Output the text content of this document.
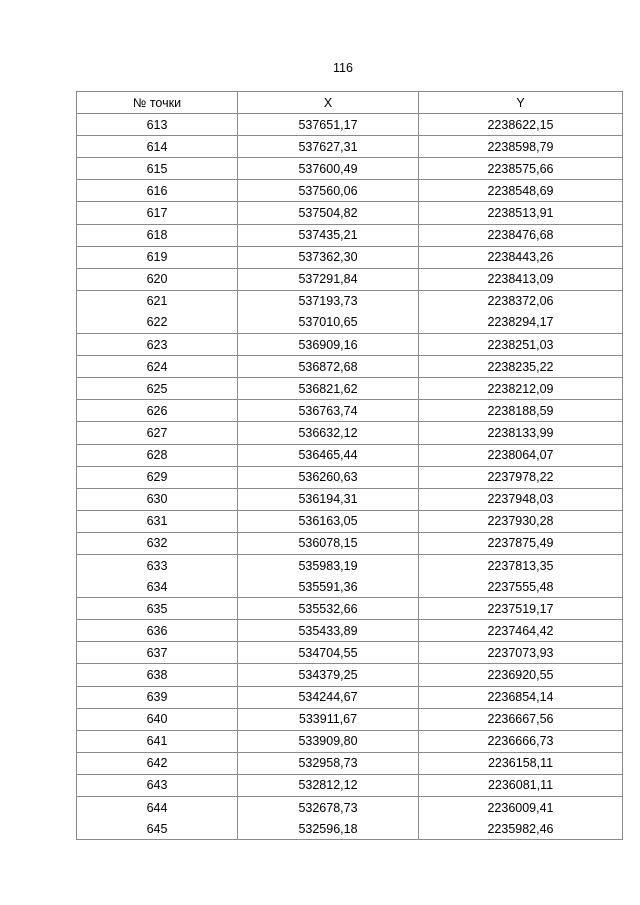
116
№ точки	X	Y
613	537651,17	2238622,15
614	537627,31	2238598,79
615	537600,49	2238575,66
616	537560,06	2238548,69
617	537504,82	2238513,91
618	537435,21	2238476,68
619	537362,30	2238443,26
620	537291,84	2238413,09
621	537193,73	2238372,06
622	537010,65	2238294,17
623	536909,16	2238251,03
624	536872,68	2238235,22
625	536821,62	2238212,09
626	536763,74	2238188,59
627	536632,12	2238133,99
628	536465,44	2238064,07
629	536260,63	2237978,22
630	536194,31	2237948,03
631	536163,05	2237930,28
632	536078,15	2237875,49
633	535983,19	2237813,35
634	535591,36	2237555,48
635	535532,66	2237519,17
636	535433,89	2237464,42
637	534704,55	2237073,93
638	534379,25	2236920,55
639	534244,67	2236854,14
640	533911,67	2236667,56
641	533909,80	2236666,73
642	532958,73	2236158,11
643	532812,12	2236081,11
644	532678,73	2236009,41
645	532596,18	2235982,46
